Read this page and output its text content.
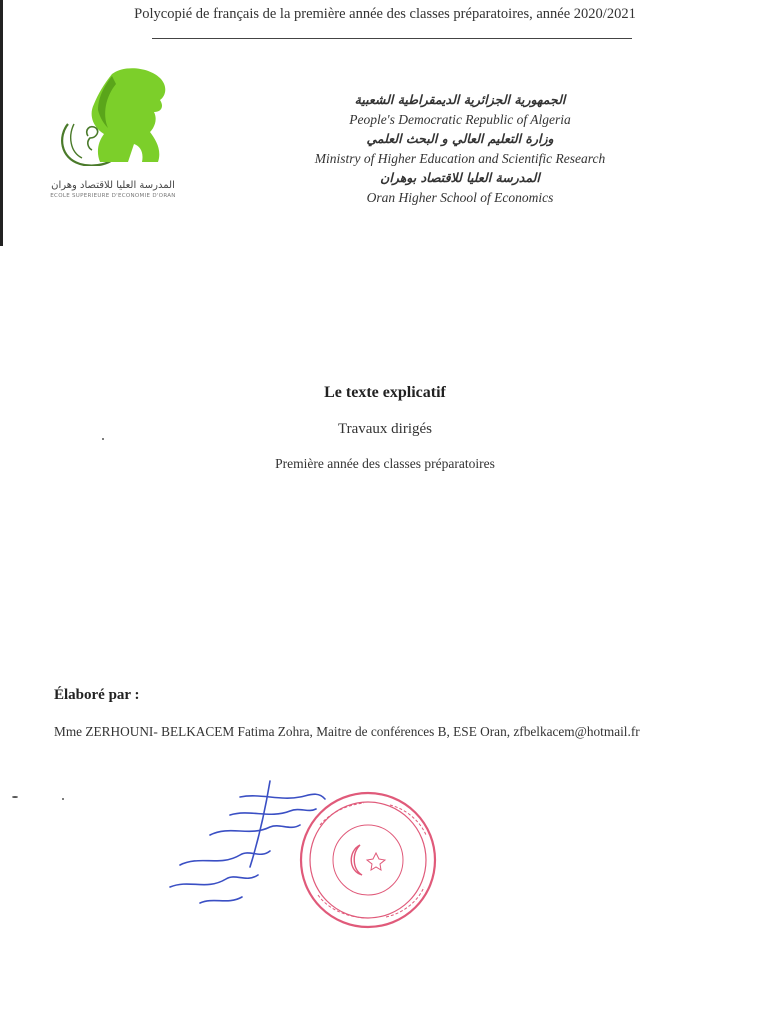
Polycopié de français de la première année des classes préparatoires, année 2020/2021
المدرسة العليا للاقتصاد وهران
ECOLE SUPERIEURE D'ECONOMIE D'ORAN
الجمهورية الجزائرية الديمقراطية الشعبية
People's Democratic Republic of Algeria
وزارة التعليم العالي و البحث العلمي
Ministry of Higher Education and Scientific Research
المدرسة العليا للاقتصاد بوهران
Oran Higher School of Economics
Le texte explicatif
Travaux dirigés
Première année des classes préparatoires
Élaboré par :
Mme ZERHOUNI- BELKACEM Fatima Zohra, Maitre de conférences B, ESE Oran, zfbelkacem@hotmail.fr
